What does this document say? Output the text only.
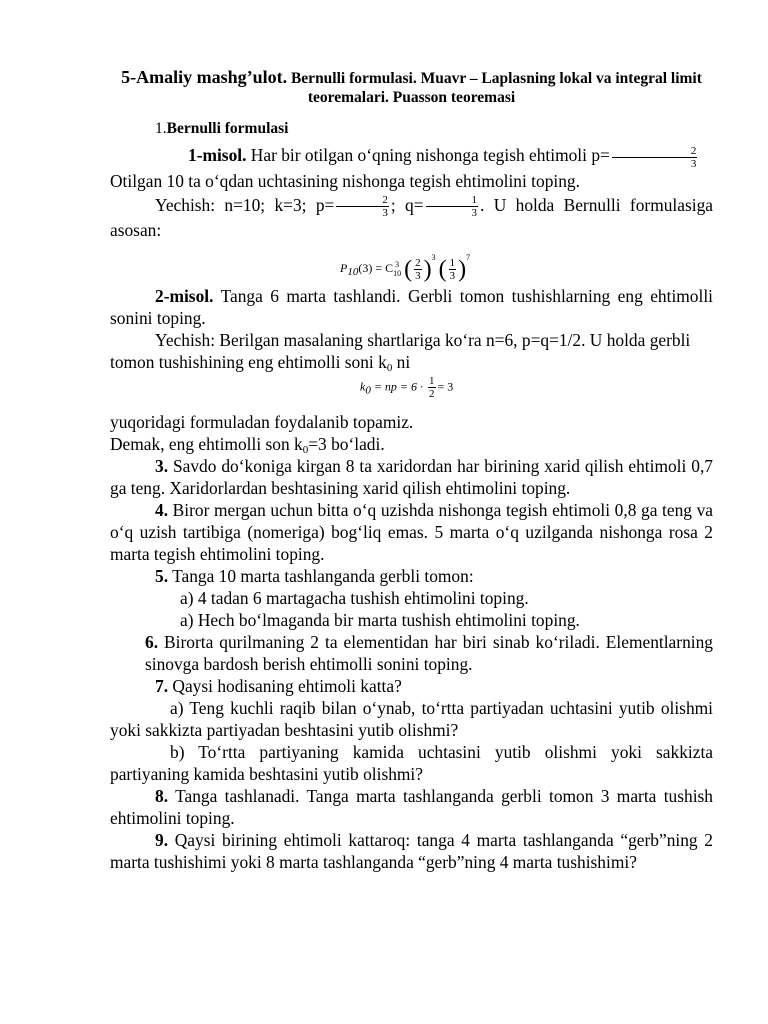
5-Amaliy mashg’ulot. Bernulli formulasi. Muavr – Laplasning lokal va integral limit teoremalari. Puasson teoremasi
1.Bernulli formulasi

1-misol. Har bir otilgan o‘qning nishonga tegish ehtimoli $p= \frac{2}{3}$

Otilgan 10 ta o‘qdan uchtasining nishonga tegish ehtimolini toping.

Yechish: n=10; k=3; $p= \frac{2}{3}$ ; $q= \frac{1}{3}$ . U holda Bernulli formulasiga asosan:

$P_{10}(3) = C$ 3
10 ( $\frac{2}{3} )^3$ ( $\frac{1}{3} )^7$

2-misol. Tanga 6 marta tashlandi. Gerbli tomon tushishlarning eng ehtimolli sonini toping.

Yechish: Berilgan masalaning shartlariga ko‘ra n=6, p=q=1/2. U holda gerbli tomon tushishining eng ehtimolli soni $k_0$ ni

$k_0$ = np = $6 \cdot \frac{1}{2} = 3$

yuqoridagi formuladan foydalanib topamiz.

Demak, eng ehtimolli son $k_0=3$ bo‘ladi.

3. Savdo do‘koniga kirgan 8 ta xaridordan har birining xarid qilish ehtimoli 0,7 ga teng. Xaridorlardan beshtasining xarid qilish ehtimolini toping.

4. Biror mergan uchun bitta o‘q uzishda nishonga tegish ehtimoli 0,8 ga teng va o‘q uzish tartibiga (nomeriga) bog‘liq emas. 5 marta o‘q uzilganda nishonga rosa 2 marta tegish ehtimolini toping.

5. Tanga 10 marta tashlanganda gerbli tomon:

a) 4 tadan 6 martagacha tushish ehtimolini toping.

a) Hech bo‘lmaganda bir marta tushish ehtimolini toping.

6. Birorta qurilmaning 2 ta elementidan har biri sinab ko‘riladi. Elementlarning sinovga bardosh berish ehtimolli sonini toping.

7. Qaysi hodisaning ehtimoli katta?

a) Teng kuchli raqib bilan o‘ynab, to‘rtta partiyadan uchtasini yutib olishmi yoki sakkizta partiyadan beshtasini yutib olishmi?

b) To‘rtta partiyaning kamida uchtasini yutib olishmi yoki sakkizta partiyaning kamida beshtasini yutib olishmi?

8. Tanga tashlanadi. Tanga marta tashlanganda gerbli tomon 3 marta tushish ehtimolini toping.

9. Qaysi birining ehtimoli kattaroq: tanga 4 marta tashlanganda “gerb”ning 2 marta tushishimi yoki 8 marta tashlanganda “gerb”ning 4 marta tushishimi?
